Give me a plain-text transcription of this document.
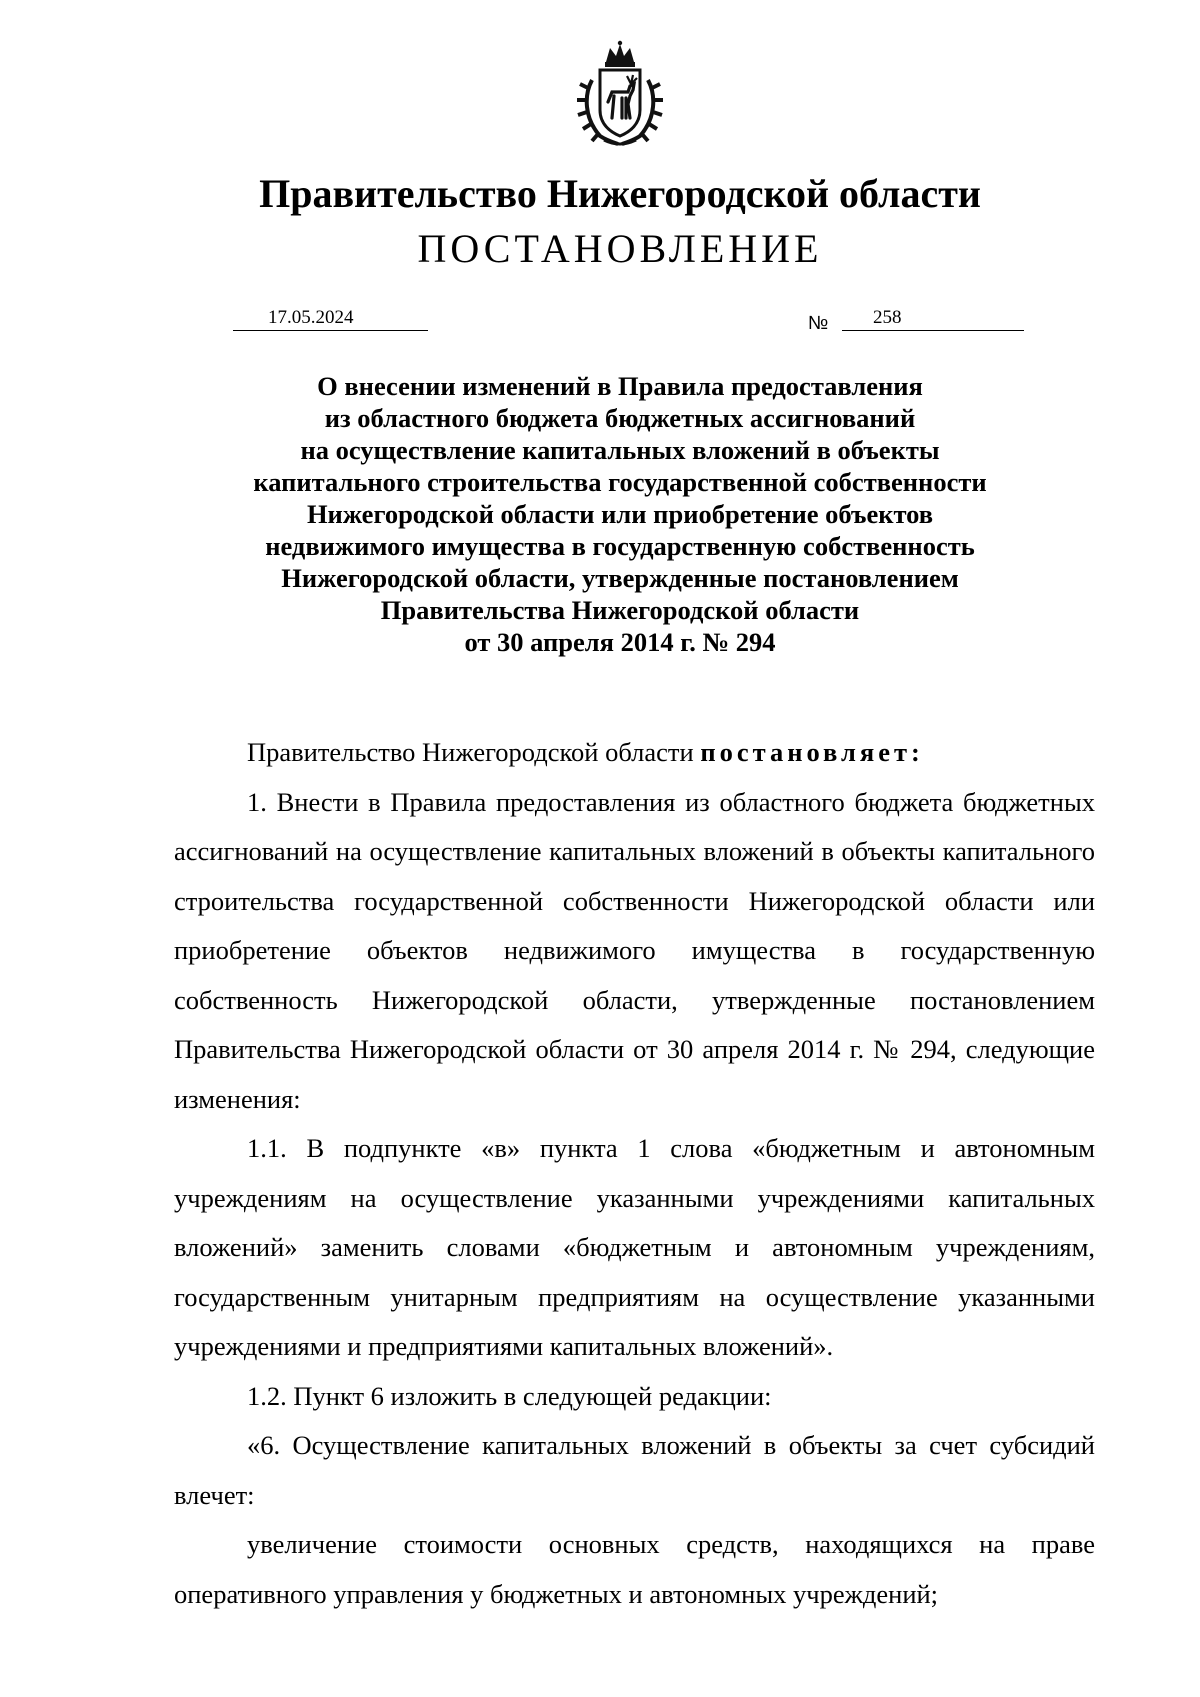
Правительство Нижегородской области
ПОСТАНОВЛЕНИЕ
17.05.2024	№ 258
О внесении изменений в Правила предоставления
из областного бюджета бюджетных ассигнований
на осуществление капитальных вложений в объекты
капитального строительства государственной собственности
Нижегородской области или приобретение объектов
недвижимого имущества в государственную собственность
Нижегородской области, утвержденные постановлением
Правительства Нижегородской области
от 30 апреля 2014 г. № 294

Правительство Нижегородской области постановляет:

1. Внести в Правила предоставления из областного бюджета бюджетных ассигнований на осуществление капитальных вложений в объекты капитального строительства государственной собственности Нижегородской области или приобретение объектов недвижимого имущества в государственную собственность Нижегородской области, утвержденные постановлением Правительства Нижегородской области от 30 апреля 2014 г. № 294, следующие изменения:

1.1. В подпункте «в» пункта 1 слова «бюджетным и автономным учреждениям на осуществление указанными учреждениями капитальных вложений» заменить словами «бюджетным и автономным учреждениям, государственным унитарным предприятиям на осуществление указанными учреждениями и предприятиями капитальных вложений».

1.2. Пункт 6 изложить в следующей редакции:

«6. Осуществление капитальных вложений в объекты за счет субсидий влечет:

увеличение стоимости основных средств, находящихся на праве оперативного управления у бюджетных и автономных учреждений;
